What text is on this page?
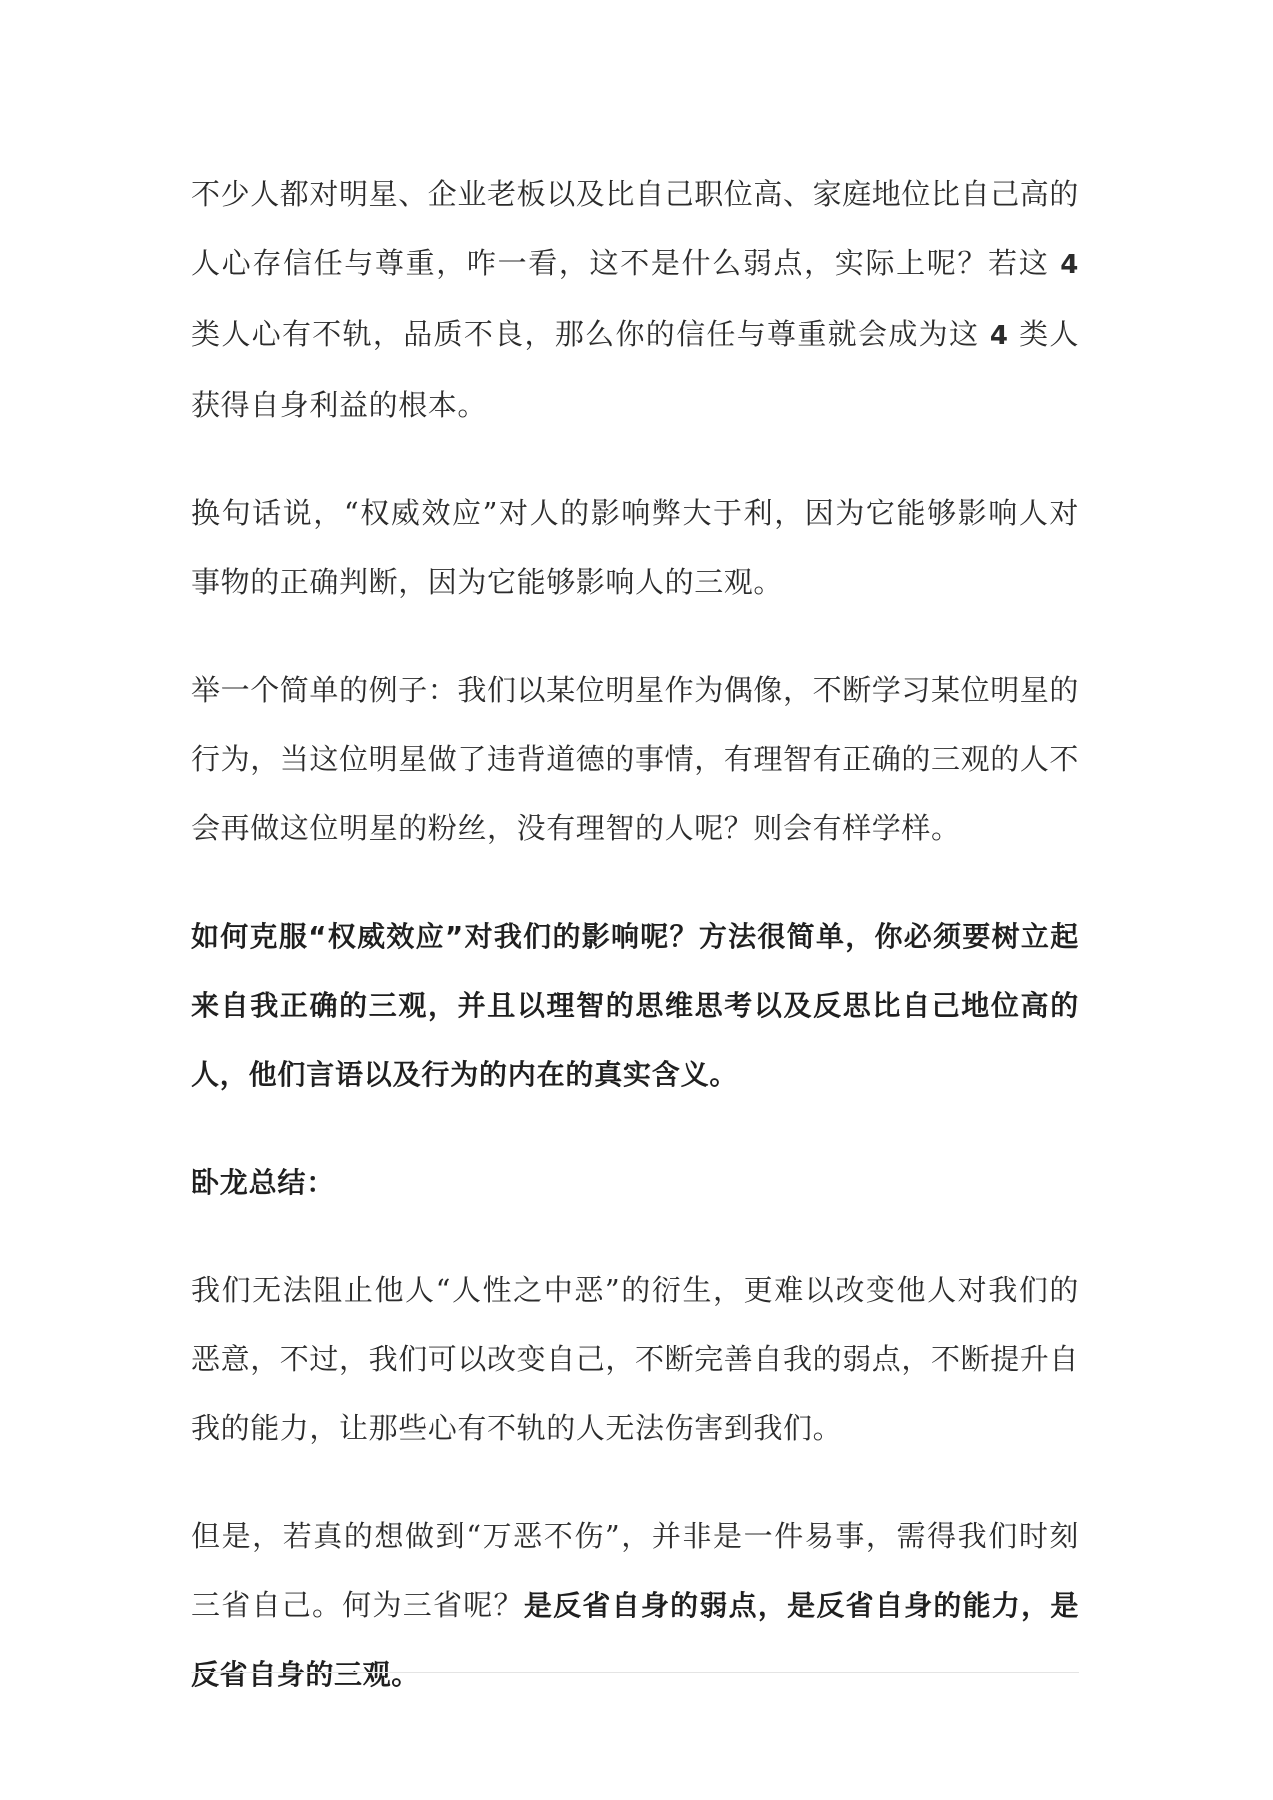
不少人都对明星、企业老板以及比自己职位高、家庭地位比自己高的人心存信任与尊重，咋一看，这不是什么弱点，实际上呢？若这 4 类人心有不轨，品质不良，那么你的信任与尊重就会成为这 4 类人获得自身利益的根本。

换句话说，“权威效应”对人的影响弊大于利，因为它能够影响人对事物的正确判断，因为它能够影响人的三观。

举一个简单的例子：我们以某位明星作为偶像，不断学习某位明星的行为，当这位明星做了违背道德的事情，有理智有正确的三观的人不会再做这位明星的粉丝，没有理智的人呢？则会有样学样。

如何克服“权威效应”对我们的影响呢？方法很简单，你必须要树立起来自我正确的三观，并且以理智的思维思考以及反思比自己地位高的人，他们言语以及行为的内在的真实含义。

卧龙总结：

我们无法阻止他人“人性之中恶”的衍生，更难以改变他人对我们的恶意，不过，我们可以改变自己，不断完善自我的弱点，不断提升自我的能力，让那些心有不轨的人无法伤害到我们。

但是，若真的想做到“万恶不伤”，并非是一件易事，需得我们时刻三省自己。何为三省呢？是反省自身的弱点，是反省自身的能力，是反省自身的三观。
